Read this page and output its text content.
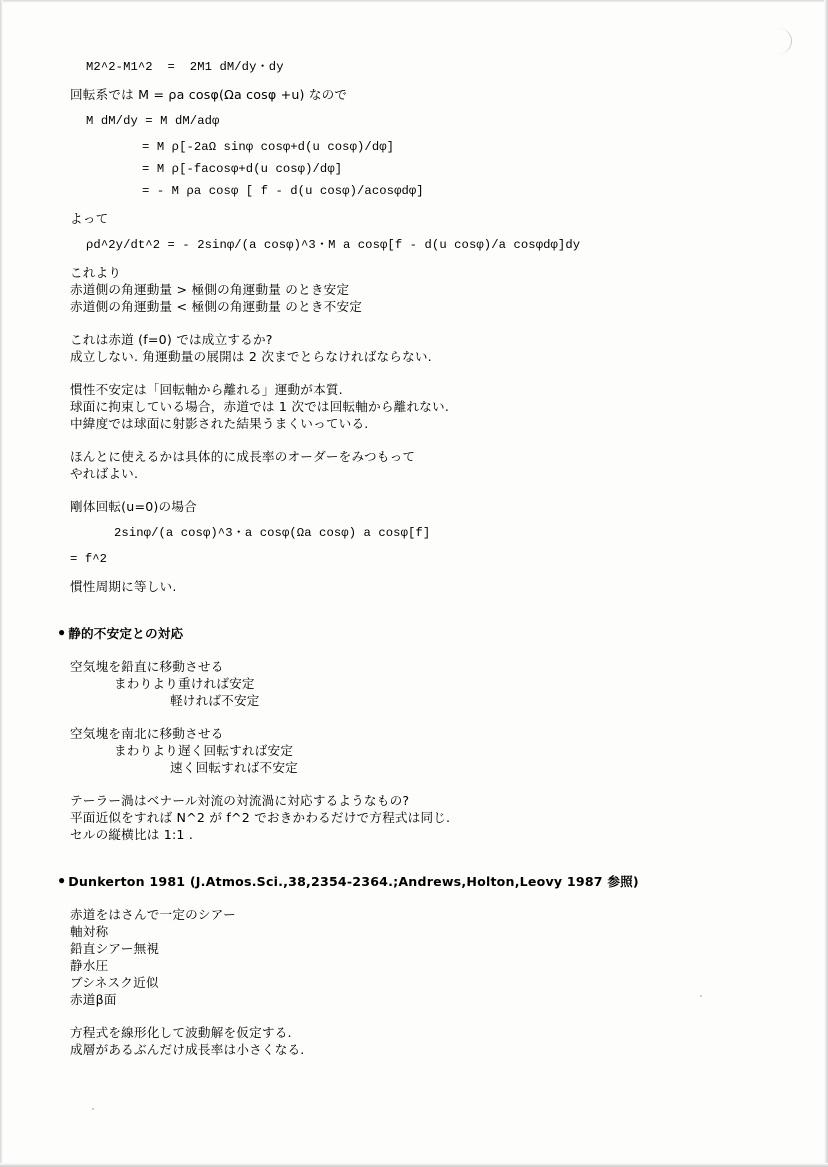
M2^2-M1^2  =  2M1 dM/dy・dy

回転系では M = ρa cosφ(Ωa cosφ +u) なので

M dM/dy = M dM/adφ

= M ρ[-2aΩ sinφ cosφ+d(u cosφ)/dφ]

= M ρ[-facosφ+d(u cosφ)/dφ]

= - M ρa cosφ [ f - d(u cosφ)/acosφdφ]

よって

ρd^2y/dt^2 = - 2sinφ/(a cosφ)^3・M a cosφ[f - d(u cosφ)/a cosφdφ]dy

これより

赤道側の角運動量 > 極側の角運動量 のとき安定

赤道側の角運動量 < 極側の角運動量 のとき不安定

これは赤道 (f=0) では成立するか?

成立しない. 角運動量の展開は 2 次までとらなければならない.

慣性不安定は「回転軸から離れる」運動が本質.

球面に拘束している場合，赤道では 1 次では回転軸から離れない.

中緯度では球面に射影された結果うまくいっている.

ほんとに使えるかは具体的に成長率のオーダーをみつもって

やればよい.

剛体回転(u=0)の場合

2sinφ/(a cosφ)^3・a cosφ(Ωa cosφ) a cosφ[f]

= f^2

慣性周期に等しい.

● 静的不安定との対応

空気塊を鉛直に移動させる

まわりより重ければ安定

軽ければ不安定

空気塊を南北に移動させる

まわりより遅く回転すれば安定

速く回転すれば不安定

テーラー渦はベナール対流の対流渦に対応するようなもの?

平面近似をすれば N^2 が f^2 でおきかわるだけで方程式は同じ.

セルの縦横比は 1:1 .

● Dunkerton 1981 (J.Atmos.Sci.,38,2354-2364.;Andrews,Holton,Leovy 1987 参照)

赤道をはさんで一定のシアー

軸対称

鉛直シアー無視

静水圧

ブシネスク近似

赤道β面

方程式を線形化して波動解を仮定する.

成層があるぶんだけ成長率は小さくなる.
